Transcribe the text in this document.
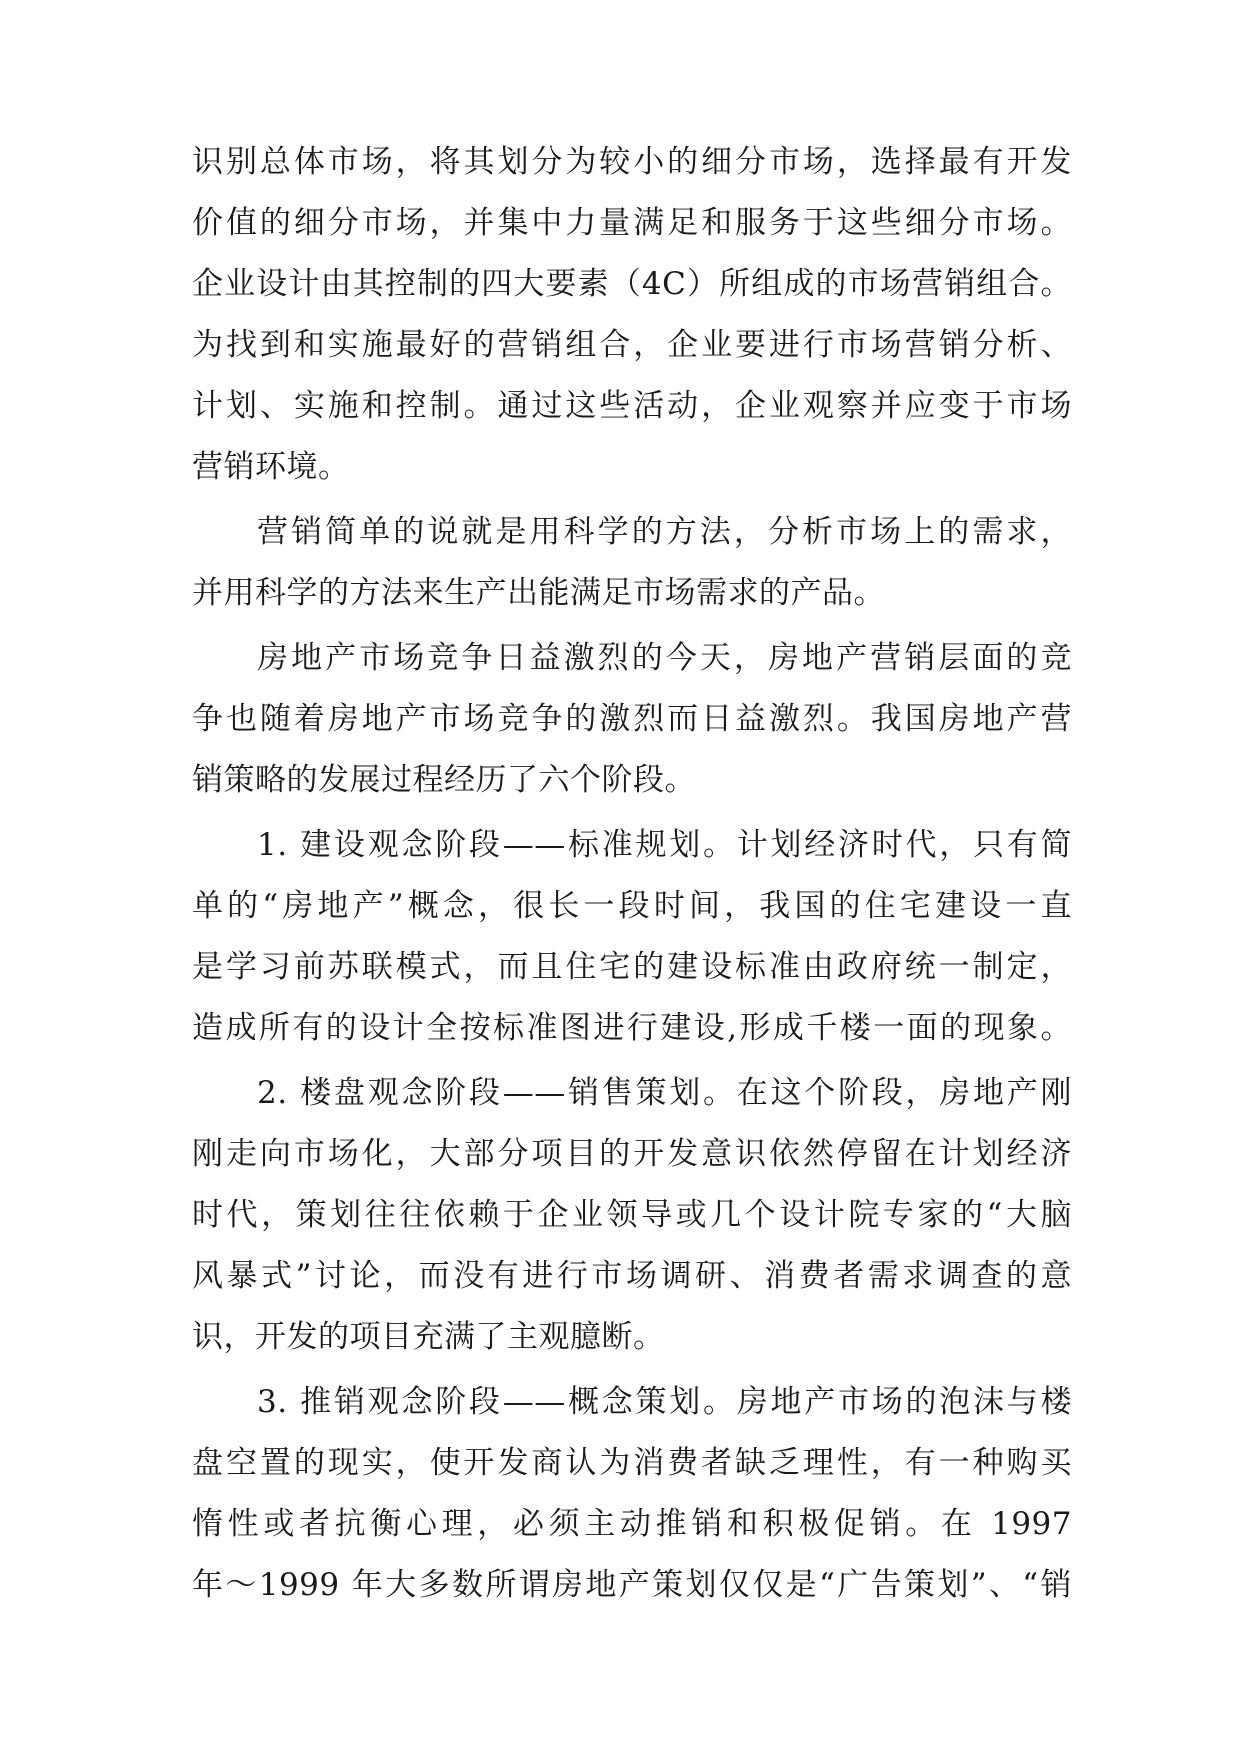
识别总体市场，将其划分为较小的细分市场，选择最有开发
价值的细分市场，并集中力量满足和服务于这些细分市场。
企业设计由其控制的四大要素（4C）所组成的市场营销组合。
为找到和实施最好的营销组合，企业要进行市场营销分析、
计划、实施和控制。通过这些活动，企业观察并应变于市场
营销环境。
营销简单的说就是用科学的方法，分析市场上的需求，
并用科学的方法来生产出能满足市场需求的产品。
房地产市场竞争日益激烈的今天，房地产营销层面的竞
争也随着房地产市场竞争的激烈而日益激烈。我国房地产营
销策略的发展过程经历了六个阶段。
1. 建设观念阶段——标准规划。计划经济时代，只有简
单的“房地产”概念，很长一段时间，我国的住宅建设一直
是学习前苏联模式，而且住宅的建设标准由政府统一制定，
造成所有的设计全按标准图进行建设,形成千楼一面的现象。
2. 楼盘观念阶段——销售策划。在这个阶段，房地产刚
刚走向市场化，大部分项目的开发意识依然停留在计划经济
时代，策划往往依赖于企业领导或几个设计院专家的“大脑
风暴式”讨论，而没有进行市场调研、消费者需求调查的意
识，开发的项目充满了主观臆断。
3. 推销观念阶段——概念策划。房地产市场的泡沫与楼
盘空置的现实，使开发商认为消费者缺乏理性，有一种购买
惰性或者抗衡心理，必须主动推销和积极促销。在 1997
年～1999 年大多数所谓房地产策划仅仅是“广告策划”、“销
